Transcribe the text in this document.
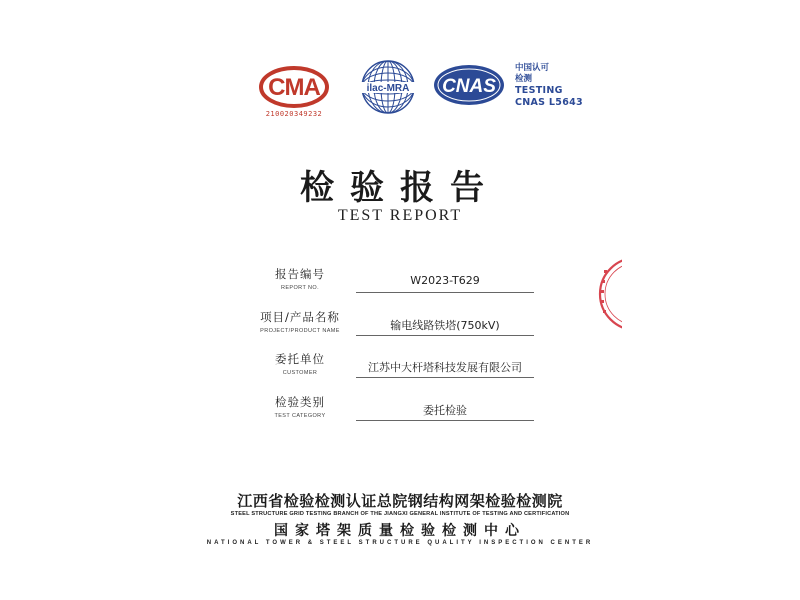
CMA
210020349232
ilac-MRA CNAS
中国认可
检测
TESTING
CNAS L5643
检验报告
TEST REPORT
报告编号
REPORT NO.
W2023-T629
项目/产品名称
PROJECT/PRODUCT NAME	输电线路铁塔(750kV)
委托单位
CUSTOMER	江苏中大杆塔科技发展有限公司
检验类别
TEST CATEGORY	委托检验
江西省检验检测认证总院钢结构网架检验检测院
STEEL STRUCTURE GRID TESTING BRANCH OF THE JIANGXI GENERAL INSTITUTE OF TESTING AND CERTIFICATION
国家塔架质量检验检测中心
NATIONAL TOWER & STEEL STRUCTURE QUALITY INSPECTION CENTER
